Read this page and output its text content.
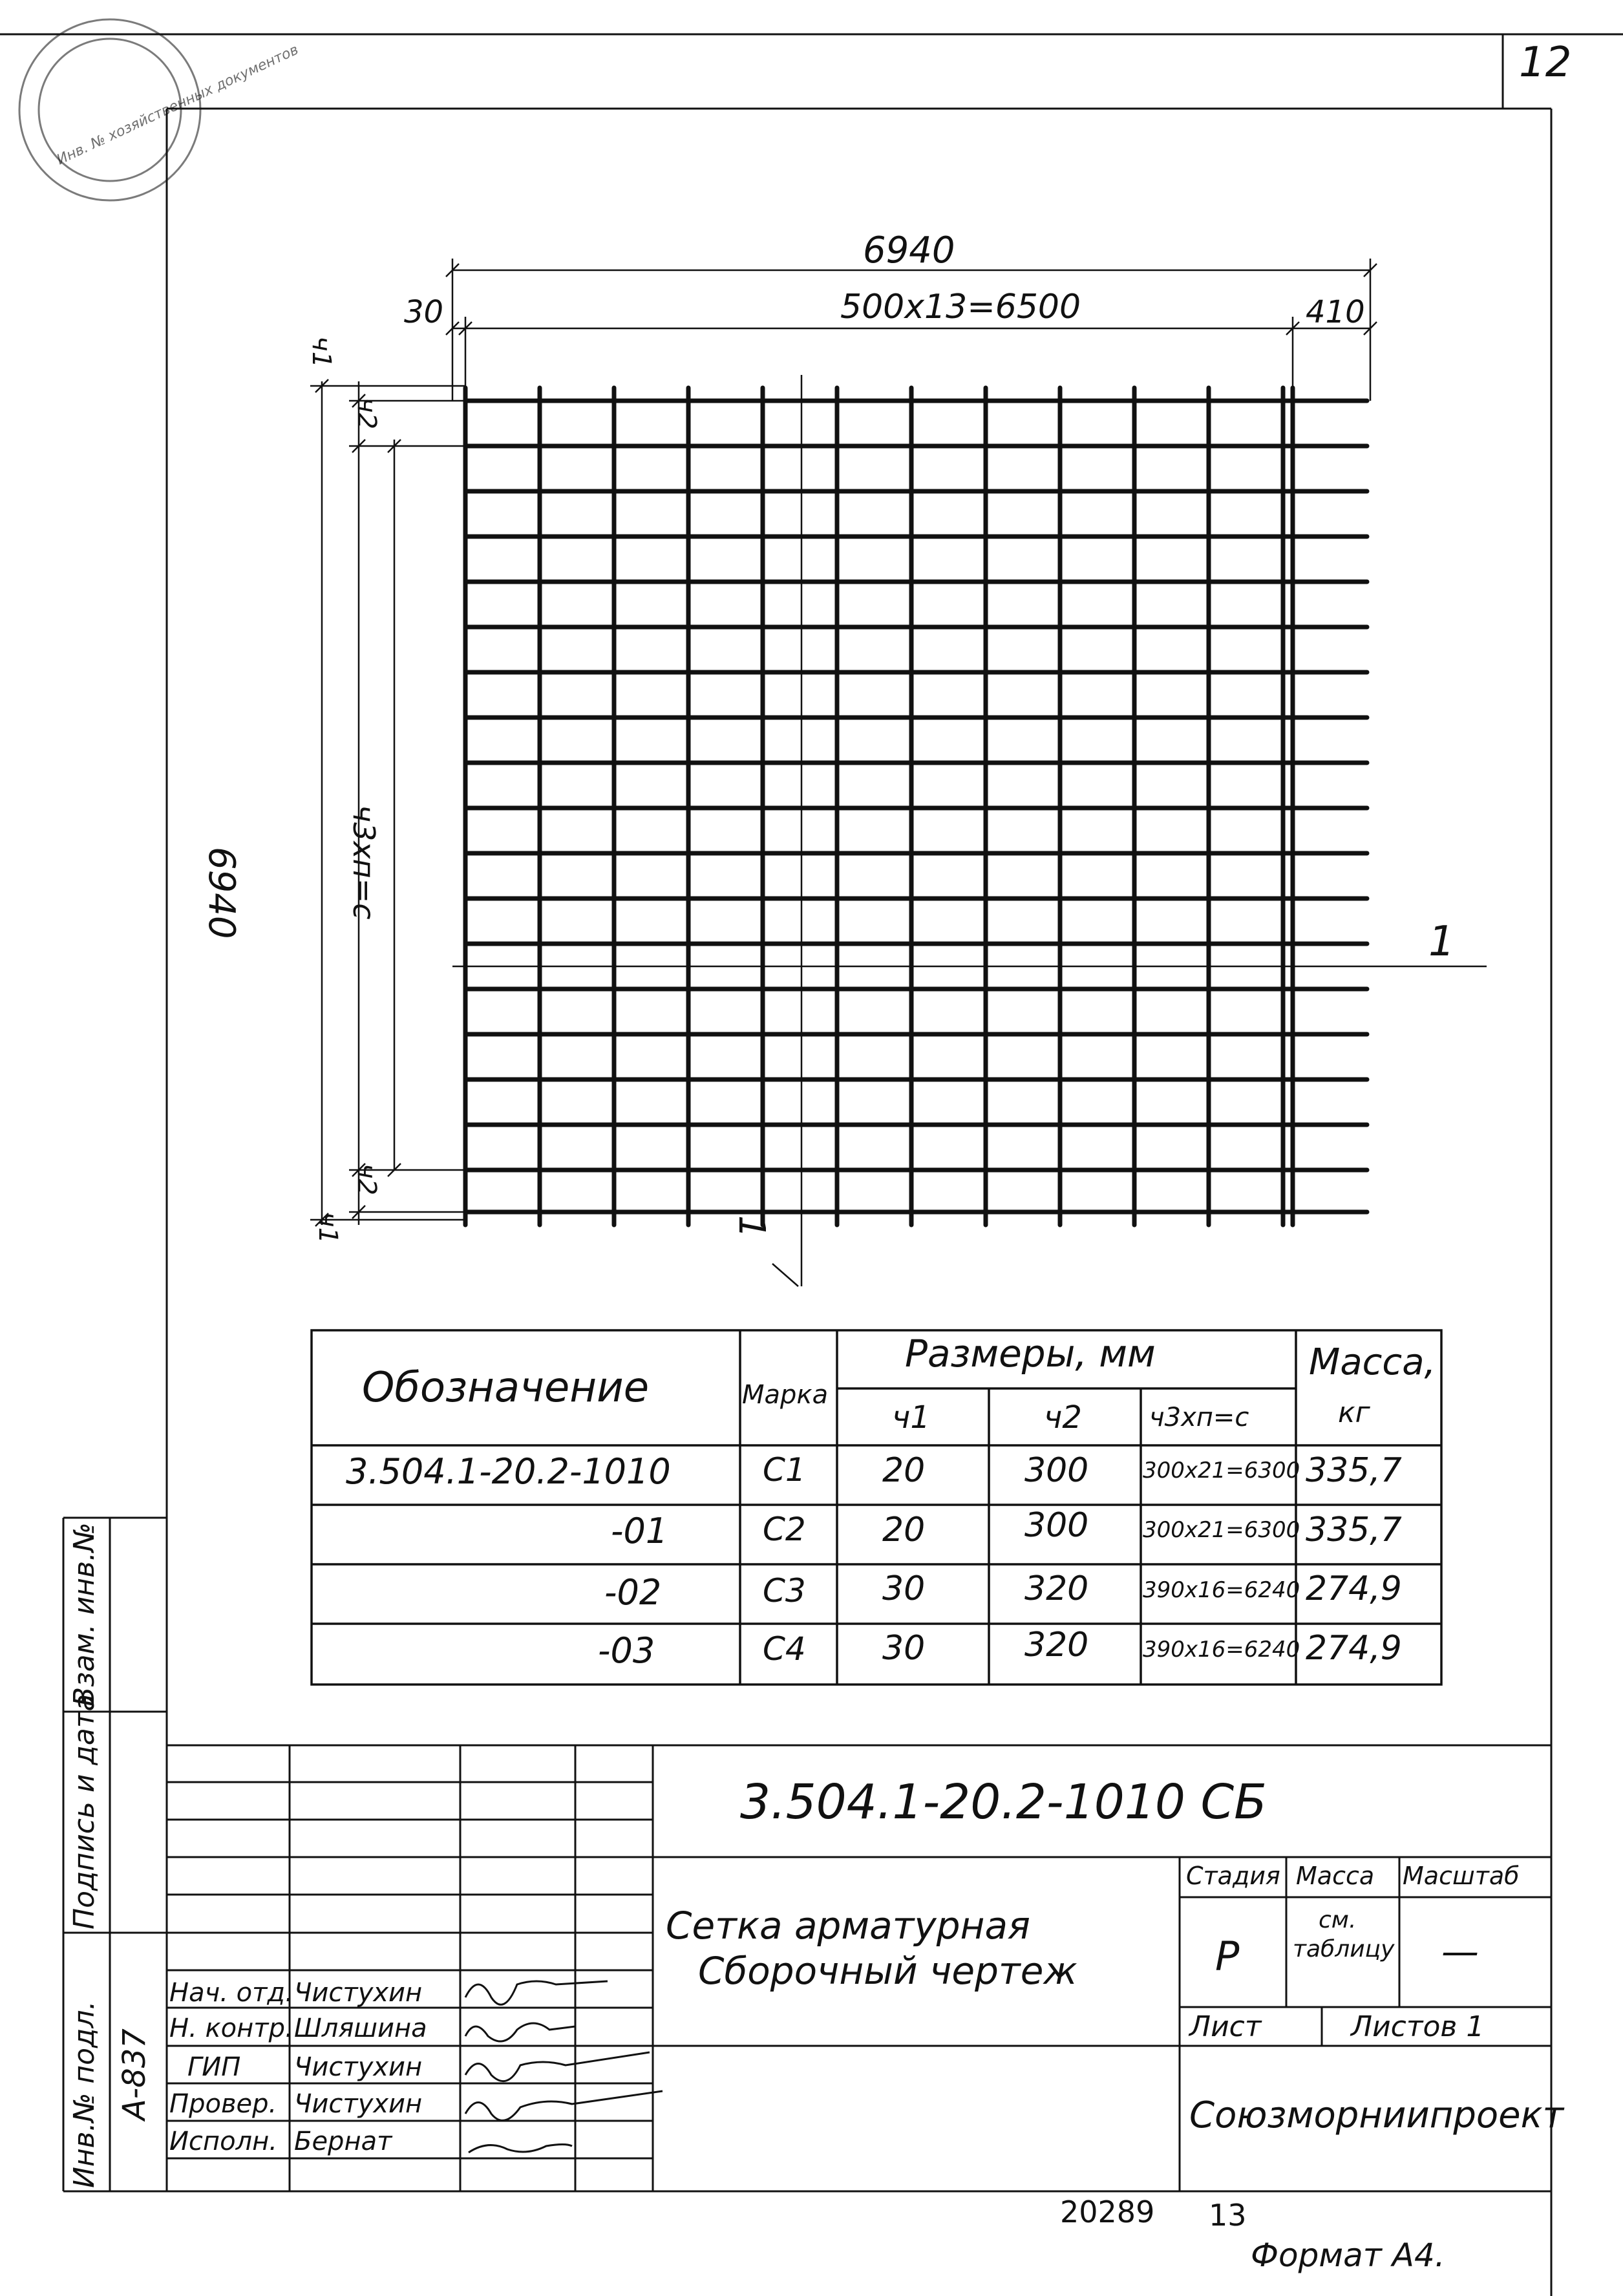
12
Инв. № хозяйственных документов
6940
500x13=6500
30	410
6940
ч1
ч2
ч3xп=с
ч2
ч1
1
1
Обозначение	Марка
Размеры, мм	Масса,
кг
ч1	ч2	ч3xп=с
3.504.1-20.2-1010	С1 20	300 300x21=6300 335,7
-01	С2 20	300 300x21=6300 335,7
-02	С3 30	320 390x16=6240 274,9
-03	С4 30	320 390x16=6240 274,9
Взам. инв.№
Подпись и дата
Инв.№ подл. А-837
3.504.1-20.2-1010 СБ
Сетка арматурная
Сборочный чертеж
Стадия Масса Масштаб
Р
см.
таблицу —
Лист	Листов 1
Союзморниипроект
Нач. отд. Чистухин
Н. контр. Шляшина
ГИП Чистухин
Провер. Чистухин
Исполн. Бернат
20289 13
Формат А4.
